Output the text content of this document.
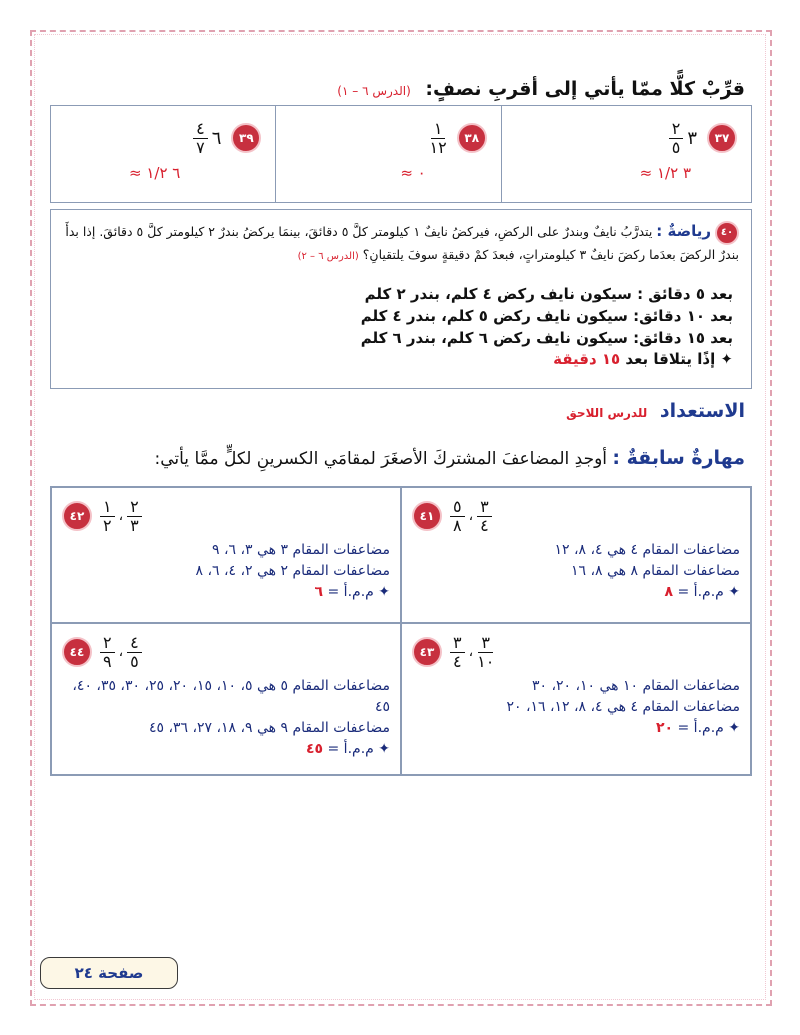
قرِّبْ كلًّا ممّا يأتي إلى أقربِ نصفٍ: (الدرس ٦ – ١)
٣٧
$\frac{٢}{٥}$ ٣
٣ ١/٢ ≈
٣٨
$\frac{١}{١٢}$
٠ ≈
٣٩
$\frac{٤}{٧}$ ٦
٦ ١/٢ ≈
٤٠ رياضةٌ : يتدرَّبُ نايفٌ وبندرٌ على الركضِ، فيركضُ نايفٌ ١ كيلومتر كلَّ ٥ دقائقَ، بينمَا يركضُ بندرٌ ٢ كيلومتر كلَّ ٥ دقائقَ. إذا بدأَ بندرٌ الركضَ بعدَما ركضَ نايفٌ ٣ كيلومتراتٍ، فبعدَ كمْ دقيقةٍ سوفَ يلتقيانِ؟ (الدرس ٦ – ٢)
بعد ٥ دقائق : سيكون نايف ركض ٤ كلم، بندر ٢ كلم
بعد ١٠ دقائق: سيكون نايف ركض ٥ كلم، بندر ٤ كلم
بعد ١٥ دقائق: سيكون نايف ركض ٦ كلم، بندر ٦ كلم
✦ إذًا يتلاقا بعد ١٥ دقيقة
الاستعداد للدرس اللاحق
مهارةٌ سابقةٌ : أوجدِ المضاعفَ المشتركَ الأصغَرَ لمقامَي الكسرينِ لكلٍّ ممَّا يأتي:
٤١ $\frac{٥}{٨}$ ، $\frac{٣}{٤}$
مضاعفات المقام ٤ هي ٤، ٨، ١٢
مضاعفات المقام ٨ هي ٨، ١٦
✦ م.م.أ = ٨
٤٢ $\frac{١}{٢}$ ، $\frac{٢}{٣}$
مضاعفات المقام ٣ هي ٣، ٦، ٩
مضاعفات المقام ٢ هي ٢، ٤، ٦، ٨
✦ م.م.أ = ٦
٤٣ $\frac{٣}{٤}$ ، $\frac{٣}{١٠}$
مضاعفات المقام ١٠ هي ١٠، ٢٠، ٣٠
مضاعفات المقام ٤ هي ٤، ٨، ١٢، ١٦، ٢٠
✦ م.م.أ = ٢٠
٤٤ $\frac{٢}{٩}$ ، $\frac{٤}{٥}$
مضاعفات المقام ٥ هي ٥، ١٠، ١٥، ٢٠، ٢٥، ٣٠، ٣٥، ٤٠، ٤٥
مضاعفات المقام ٩ هي ٩، ١٨، ٢٧، ٣٦، ٤٥
✦ م.م.أ = ٤٥
صفحة ٢٤
